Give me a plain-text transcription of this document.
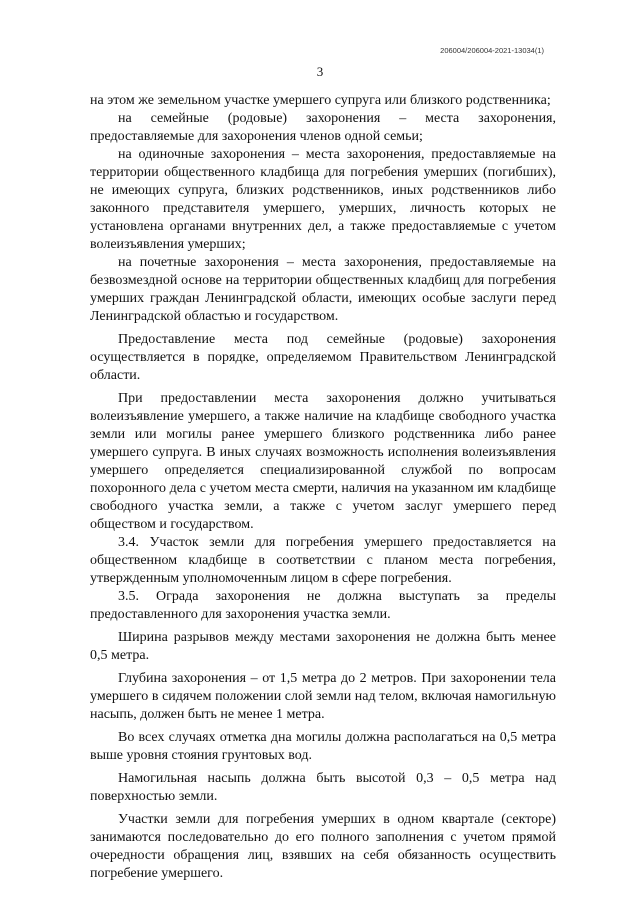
206004/206004-2021-13034(1)
3

на этом же земельном участке умершего супруга или близкого родственника;

на семейные (родовые) захоронения – места захоронения, предоставляемые для захоронения членов одной семьи;

на одиночные захоронения – места захоронения, предоставляемые на территории общественного кладбища для погребения умерших (погибших), не имеющих супруга, близких родственников, иных родственников либо законного представителя умершего, умерших, личность которых не установлена органами внутренних дел, а также предоставляемые с учетом волеизъявления умерших;

на почетные захоронения – места захоронения, предоставляемые на безвозмездной основе на территории общественных кладбищ для погребения умерших граждан Ленинградской области, имеющих особые заслуги перед Ленинградской областью и государством.

Предоставление места под семейные (родовые) захоронения осуществляется в порядке, определяемом Правительством Ленинградской области.

При предоставлении места захоронения должно учитываться волеизъявление умершего, а также наличие на кладбище свободного участка земли или могилы ранее умершего близкого родственника либо ранее умершего супруга. В иных случаях возможность исполнения волеизъявления умершего определяется специализированной службой по вопросам похоронного дела с учетом места смерти, наличия на указанном им кладбище свободного участка земли, а также с учетом заслуг умершего перед обществом и государством.

3.4. Участок земли для погребения умершего предоставляется на общественном кладбище в соответствии с планом места погребения, утвержденным уполномоченным лицом в сфере погребения.

3.5. Ограда захоронения не должна выступать за пределы предоставленного для захоронения участка земли.

Ширина разрывов между местами захоронения не должна быть менее 0,5 метра.

Глубина захоронения – от 1,5 метра до 2 метров. При захоронении тела умершего в сидячем положении слой земли над телом, включая намогильную насыпь, должен быть не менее 1 метра.

Во всех случаях отметка дна могилы должна располагаться на 0,5 метра выше уровня стояния грунтовых вод.

Намогильная насыпь должна быть высотой 0,3 – 0,5 метра над поверхностью земли.

Участки земли для погребения умерших в одном квартале (секторе) занимаются последовательно до его полного заполнения с учетом прямой очередности обращения лиц, взявших на себя обязанность осуществить погребение умершего.
